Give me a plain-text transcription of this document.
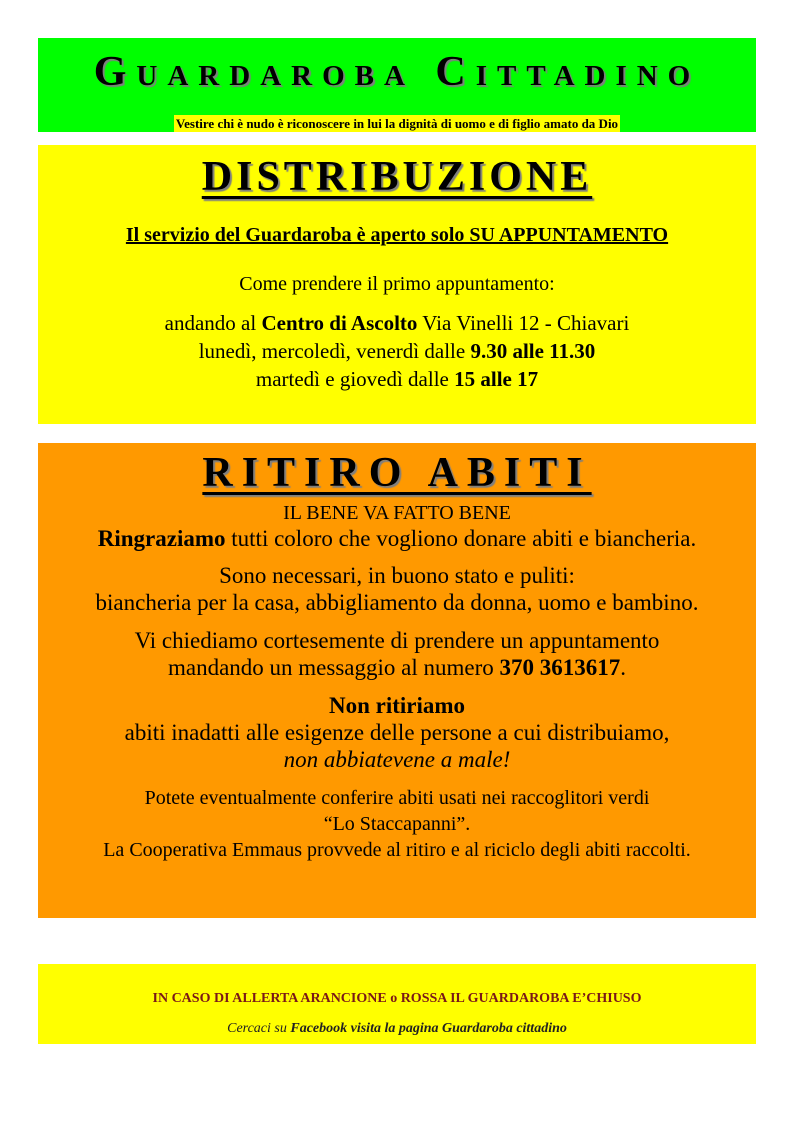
Guardaroba Cittadino
Vestire chi è nudo è riconoscere in lui la dignità di uomo e di figlio amato da Dio
DISTRIBUZIONE
Il servizio del Guardaroba è aperto solo SU APPUNTAMENTO
Come prendere il primo appuntamento:
andando al Centro di Ascolto Via Vinelli 12 - Chiavari
lunedì, mercoledì, venerdì dalle 9.30 alle 11.30
martedì e giovedì dalle 15 alle 17
RITIRO ABITI
IL BENE VA FATTO BENE
Ringraziamo tutti coloro che vogliono donare abiti e biancheria.
Sono necessari, in buono stato e puliti:
biancheria per la casa, abbigliamento da donna, uomo e bambino.
Vi chiediamo cortesemente di prendere un appuntamento
mandando un messaggio al numero 370 3613617.
Non ritiriamo
abiti inadatti alle esigenze delle persone a cui distribuiamo,
non abbiatevene a male!
Potete eventualmente conferire abiti usati nei raccoglitori verdi
“Lo Staccapanni”.
La Cooperativa Emmaus provvede al ritiro e al riciclo degli abiti raccolti.
IN CASO DI ALLERTA ARANCIONE o ROSSA IL GUARDAROBA E’CHIUSO
Cercaci su Facebook visita la pagina Guardaroba cittadino
